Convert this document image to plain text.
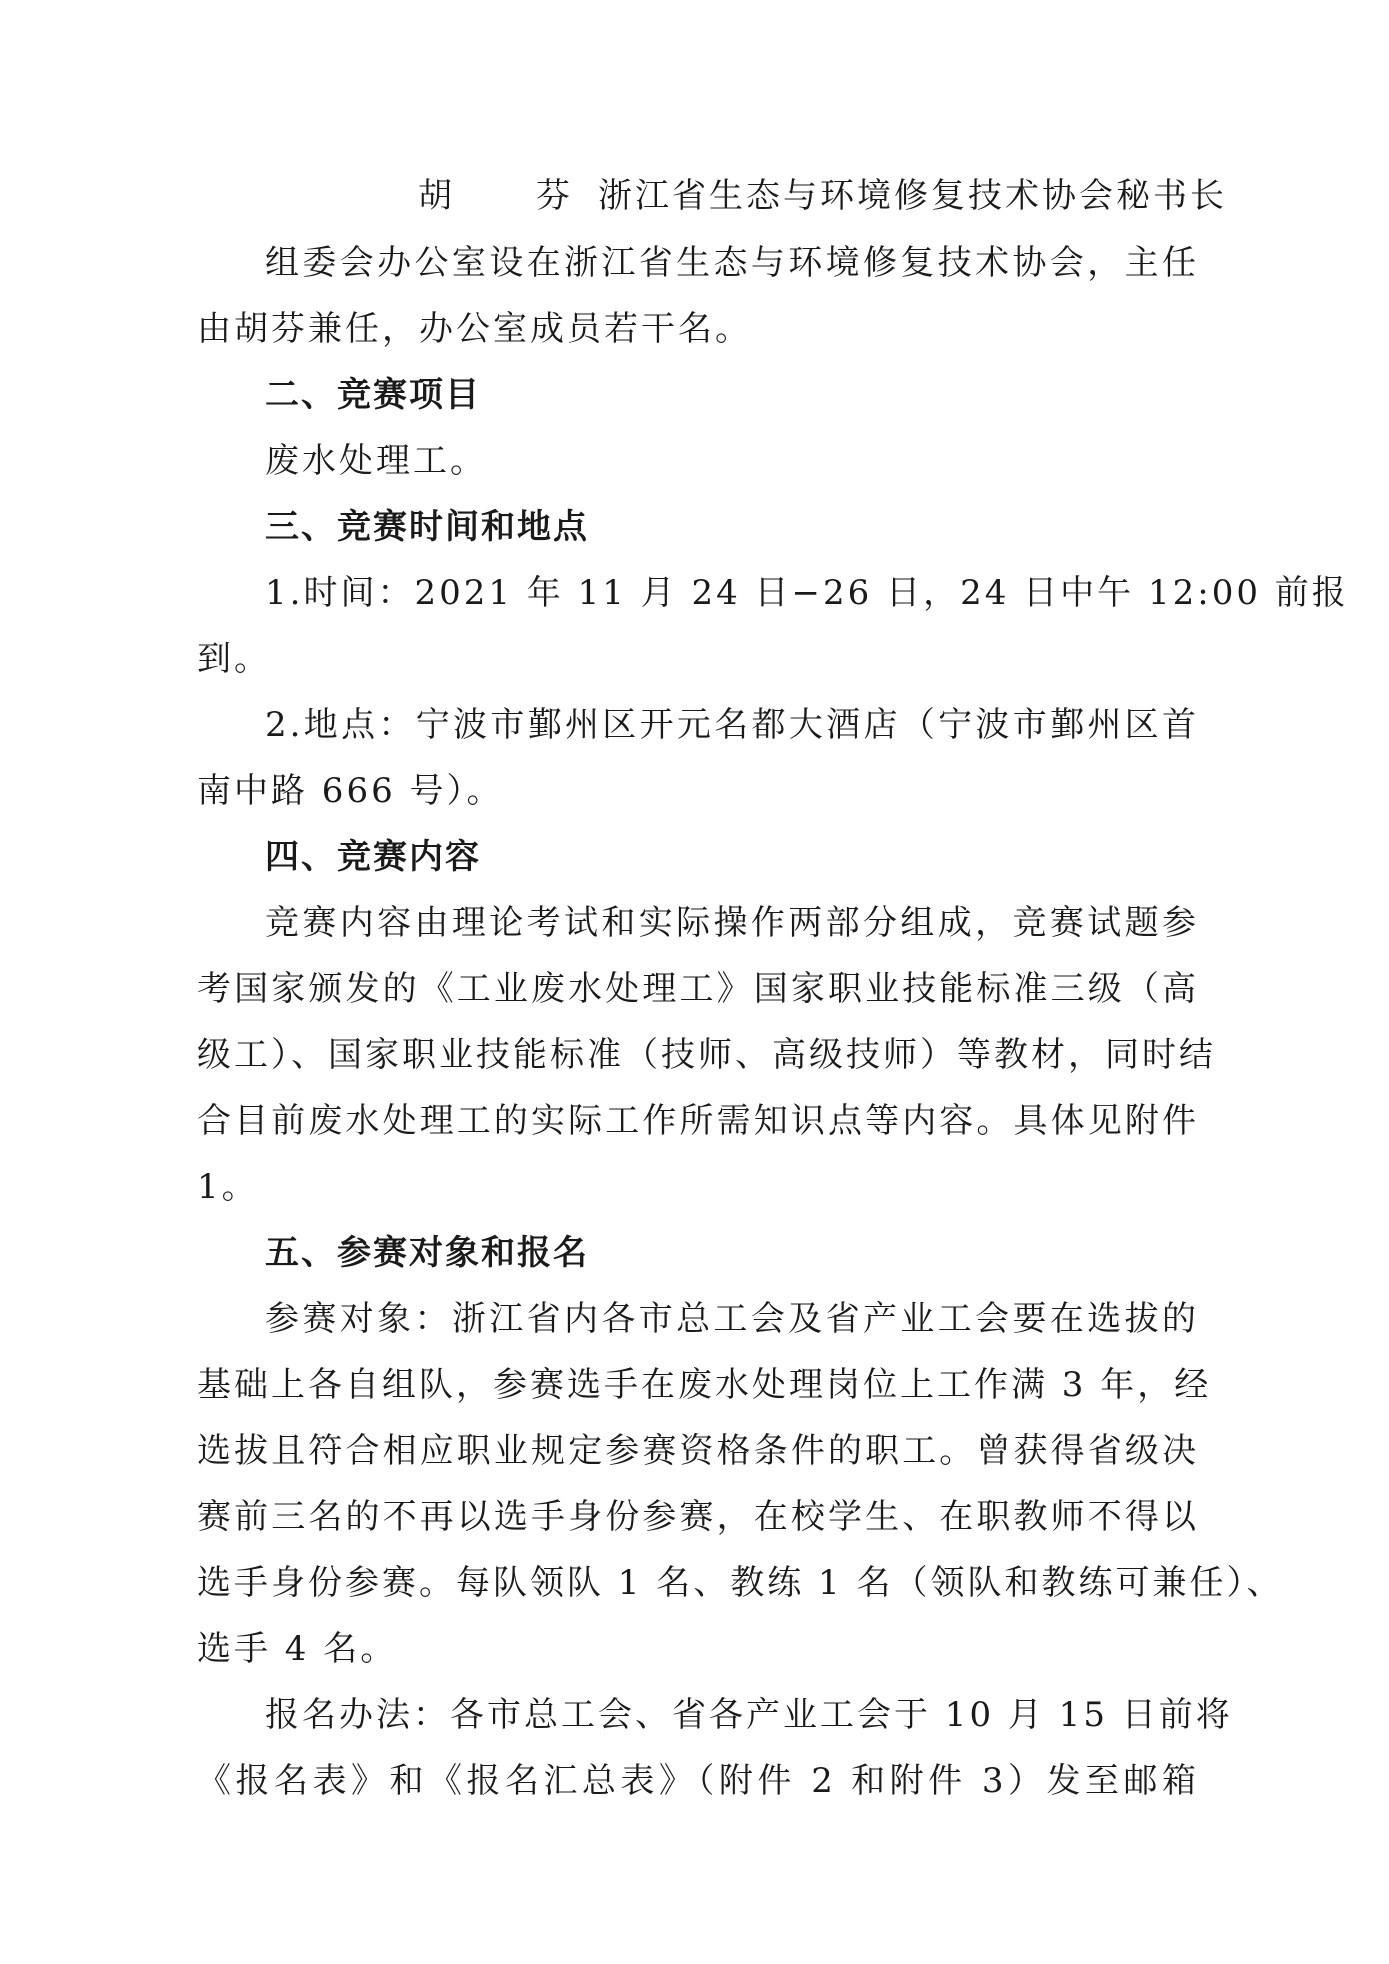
胡 芬 浙江省生态与环境修复技术协会秘书长
组委会办公室设在浙江省生态与环境修复技术协会，主任
由胡芬兼任，办公室成员若干名。
二、竞赛项目
废水处理工。
三、竞赛时间和地点
1.时间：2021 年 11 月 24 日−26 日，24 日中午 12:00 前报
到。
2.地点：宁波市鄞州区开元名都大酒店（宁波市鄞州区首
南中路 666 号）。
四、竞赛内容
竞赛内容由理论考试和实际操作两部分组成，竞赛试题参
考国家颁发的《工业废水处理工》国家职业技能标准三级（高
级工）、国家职业技能标准（技师、高级技师）等教材，同时结
合目前废水处理工的实际工作所需知识点等内容。具体见附件
1。
五、参赛对象和报名
参赛对象：浙江省内各市总工会及省产业工会要在选拔的
基础上各自组队，参赛选手在废水处理岗位上工作满 3 年，经
选拔且符合相应职业规定参赛资格条件的职工。曾获得省级决
赛前三名的不再以选手身份参赛，在校学生、在职教师不得以
选手身份参赛。每队领队 1 名、教练 1 名（领队和教练可兼任）、
选手 4 名。
报名办法：各市总工会、省各产业工会于 10 月 15 日前将
《报名表》和《报名汇总表》（附件 2 和附件 3）发至邮箱
